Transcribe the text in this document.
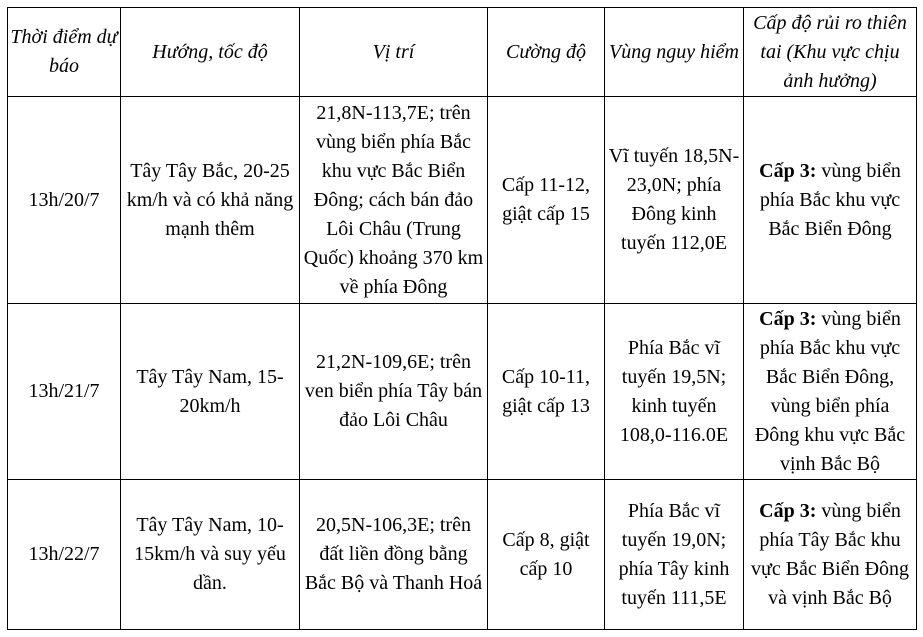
Thời điểm dự báo	Hướng, tốc độ	Vị trí	Cường độ	Vùng nguy hiểm	Cấp độ rủi ro thiên tai (Khu vực chịu ảnh hưởng)
13h/20/7	Tây Tây Bắc, 20-25 km/h và có khả năng mạnh thêm	21,8N-113,7E; trên vùng biển phía Bắc khu vực Bắc Biển Đông; cách bán đảo Lôi Châu (Trung Quốc) khoảng 370 km về phía Đông	Cấp 11-12, giật cấp 15	Vĩ tuyến 18,5N-23,0N; phía Đông kinh tuyến 112,0E	Cấp 3: vùng biển phía Bắc khu vực Bắc Biển Đông
13h/21/7	Tây Tây Nam, 15-20km/h	21,2N-109,6E; trên ven biển phía Tây bán đảo Lôi Châu	Cấp 10-11, giật cấp 13	Phía Bắc vĩ tuyến 19,5N; kinh tuyến 108,0-116.0E	Cấp 3: vùng biển phía Bắc khu vực Bắc Biển Đông, vùng biển phía Đông khu vực Bắc vịnh Bắc Bộ
13h/22/7	Tây Tây Nam, 10-15km/h và suy yếu dần.	20,5N-106,3E; trên đất liền đồng bằng Bắc Bộ và Thanh Hoá	Cấp 8, giật cấp 10	Phía Bắc vĩ tuyến 19,0N; phía Tây kinh tuyến 111,5E	Cấp 3: vùng biển phía Tây Bắc khu vực Bắc Biển Đông và vịnh Bắc Bộ
